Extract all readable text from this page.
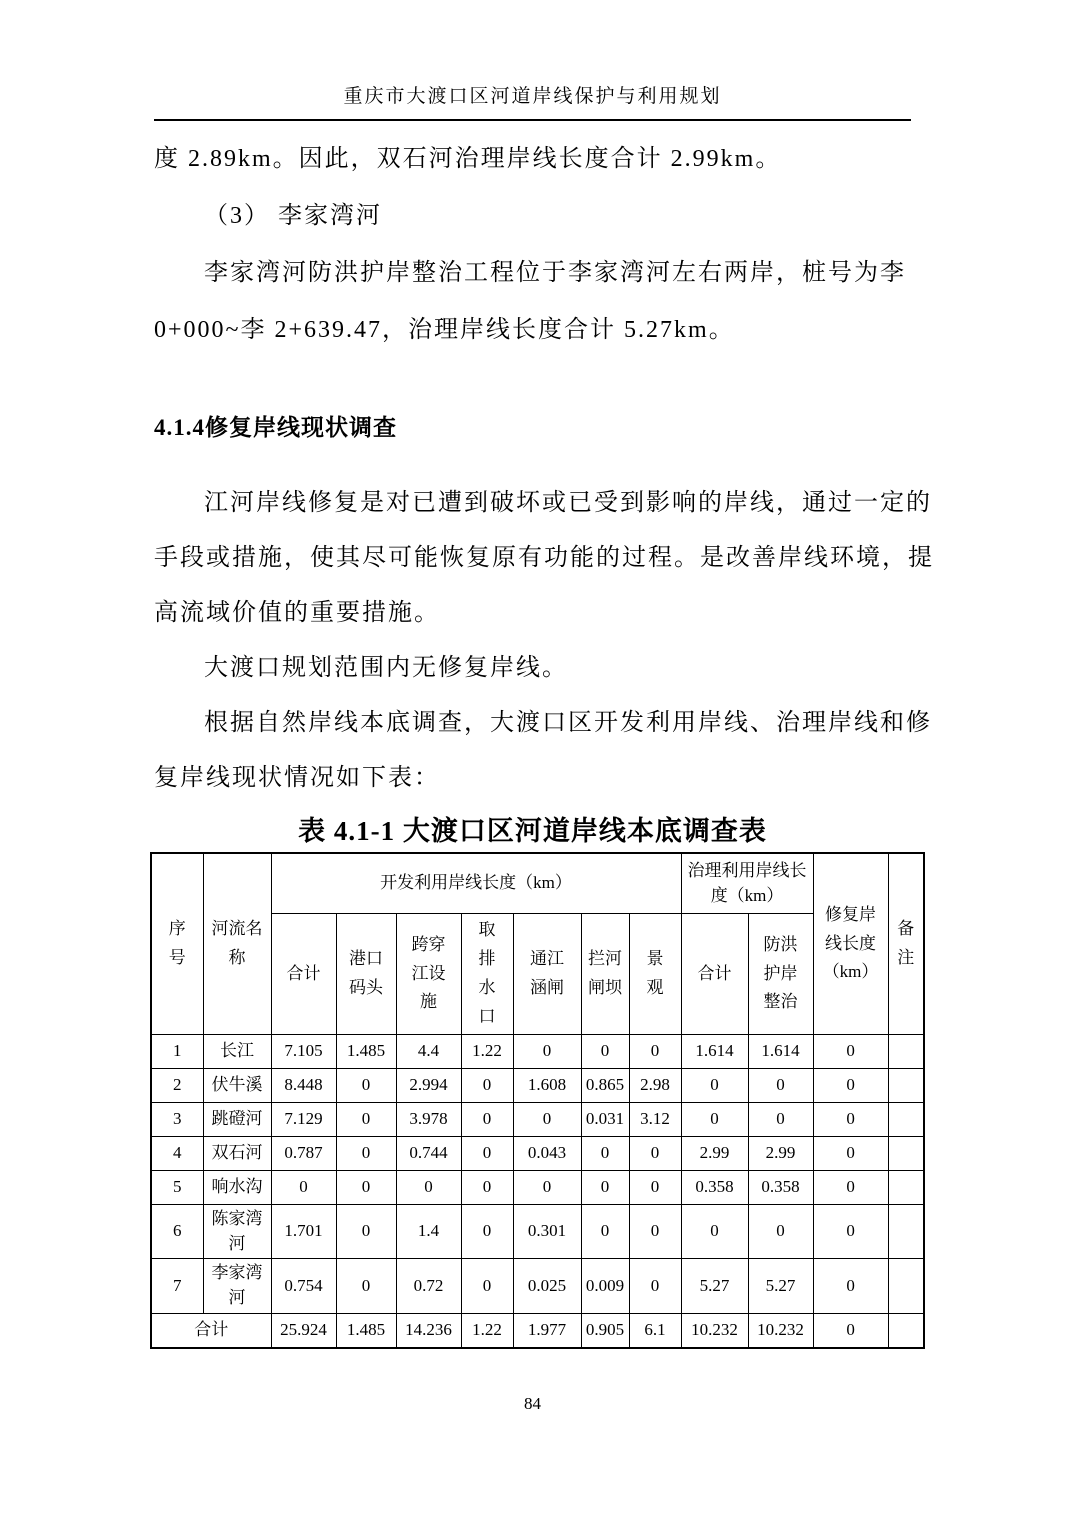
重庆市大渡口区河道岸线保护与利用规划
度 2.89km。因此，双石河治理岸线长度合计 2.99km。
（3） 李家湾河
李家湾河防洪护岸整治工程位于李家湾河左右两岸，桩号为李
0+000~李 2+639.47，治理岸线长度合计 5.27km。
4.1.4修复岸线现状调查
江河岸线修复是对已遭到破坏或已受到影响的岸线，通过一定的
手段或措施，使其尽可能恢复原有功能的过程。是改善岸线环境，提
高流域价值的重要措施。
大渡口规划范围内无修复岸线。
根据自然岸线本底调查，大渡口区开发利用岸线、治理岸线和修
复岸线现状情况如下表：
表 4.1-1 大渡口区河道岸线本底调查表
序号	河流名称	开发利用岸线长度（km）							治理利用岸线长度（km）		修复岸线长度（km）	备注
		合计	港口码头	跨穿江设施	取排水口	通江涵闸	拦河闸坝	景观	合计	防洪护岸整治		
1	长江	7.105	1.485	4.4	1.22	0	0	0	1.614	1.614	0	
2	伏牛溪	8.448	0	2.994	0	1.608	0.865	2.98	0	0	0	
3	跳磴河	7.129	0	3.978	0	0	0.031	3.12	0	0	0	
4	双石河	0.787	0	0.744	0	0.043	0	0	2.99	2.99	0	
5	响水沟	0	0	0	0	0	0	0	0.358	0.358	0	
6	陈家湾河	1.701	0	1.4	0	0.301	0	0	0	0	0	
7	李家湾河	0.754	0	0.72	0	0.025	0.009	0	5.27	5.27	0	
合计		25.924	1.485	14.236	1.22	1.977	0.905	6.1	10.232	10.232	0	
84
